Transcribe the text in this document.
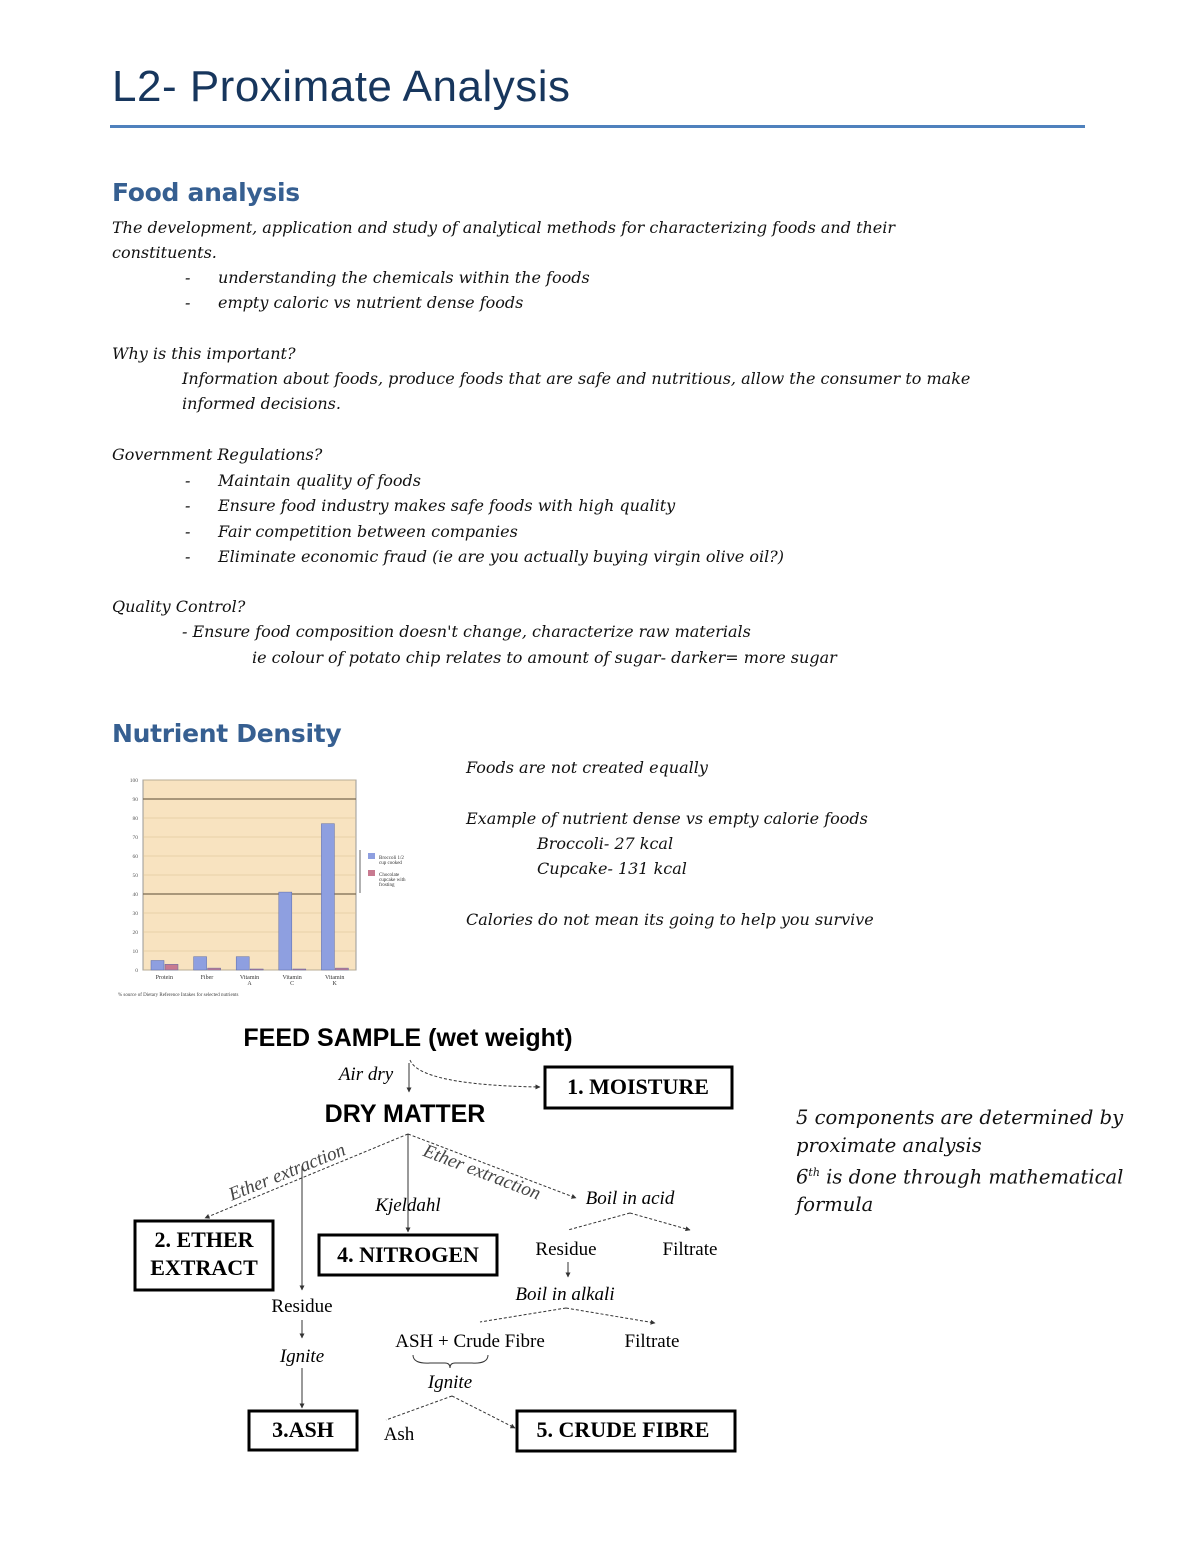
L2- Proximate Analysis
Food analysis
The development, application and study of analytical methods for characterizing foods and their
constituents.
- understanding the chemicals within the foods
- empty caloric vs nutrient dense foods
Why is this important?
Information about foods, produce foods that are safe and nutritious, allow the consumer to make
informed decisions.
Government Regulations?
- Maintain quality of foods
- Ensure food industry makes safe foods with high quality
- Fair competition between companies
- Eliminate economic fraud (ie are you actually buying virgin olive oil?)
Quality Control?
- Ensure food composition doesn't change, characterize raw materials
ie colour of potato chip relates to amount of sugar- darker= more sugar
Nutrient Density
Foods are not created equally
Example of nutrient dense vs empty calorie foods
Broccoli- 27 kcal
Cupcake- 131 kcal
Calories do not mean its going to help you survive
0
10
20
30
40
50
60
70
80
90
100
Protein	Fiber	Vitamin
A
Vitamin
C
Vitamin
K
Broccoli 1/2
cup cooked
Chocolate
cupcake with
frosting
% source of Dietary Reference Intakes for selected nutrients
FEED SAMPLE (wet weight)
Air dry	1. MOISTURE
DRY MATTER
Ether extraction	Ether extraction
2. ETHER
EXTRACT
Kjeldahl
4. NITROGEN
Boil in acid
Residue	Filtrate
Boil in alkali
ASH + Crude Fibre	Filtrate
Ignite
Ash	5. CRUDE FIBRE
Residue
Ignite
3.ASH
5 components are determined by proximate analysis
6th is done through mathematical formula
